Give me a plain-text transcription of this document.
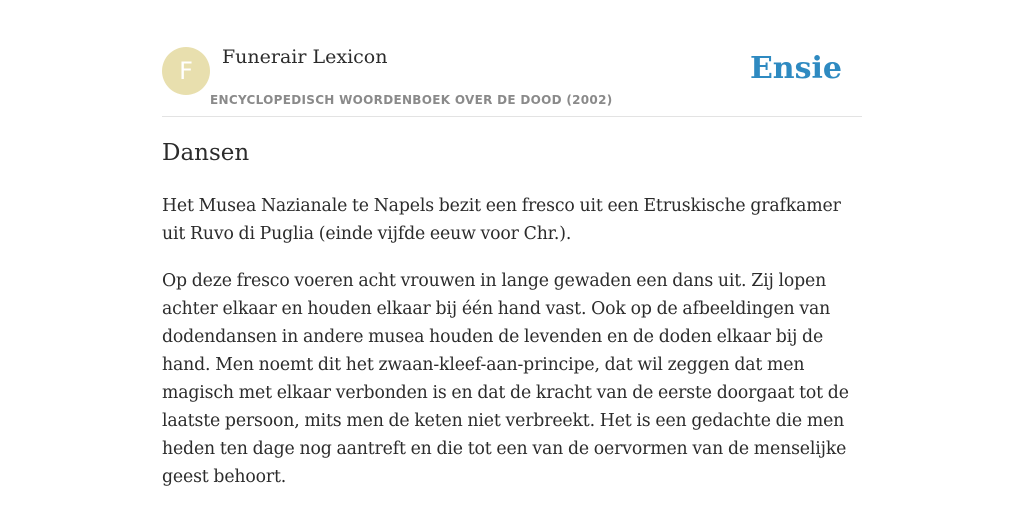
F	Funerair Lexicon
ENCYCLOPEDISCH WOORDENBOEK OVER DE DOOD (2002)
Ensie
Dansen

Het Musea Nazianale te Napels bezit een fresco uit een Etruskische grafkamer uit Ruvo di Puglia (einde vijfde eeuw voor Chr.).

Op deze fresco voeren acht vrouwen in lange gewaden een dans uit. Zij lopen achter elkaar en houden elkaar bij één hand vast. Ook op de afbeeldingen van dodendansen in andere musea houden de levenden en de doden elkaar bij de hand. Men noemt dit het zwaan-kleef-aan-principe, dat wil zeggen dat men magisch met elkaar verbonden is en dat de kracht van de eerste doorgaat tot de laatste persoon, mits men de keten niet verbreekt. Het is een gedachte die men heden ten dage nog aantreft en die tot een van de oervormen van de menselijke geest behoort.
